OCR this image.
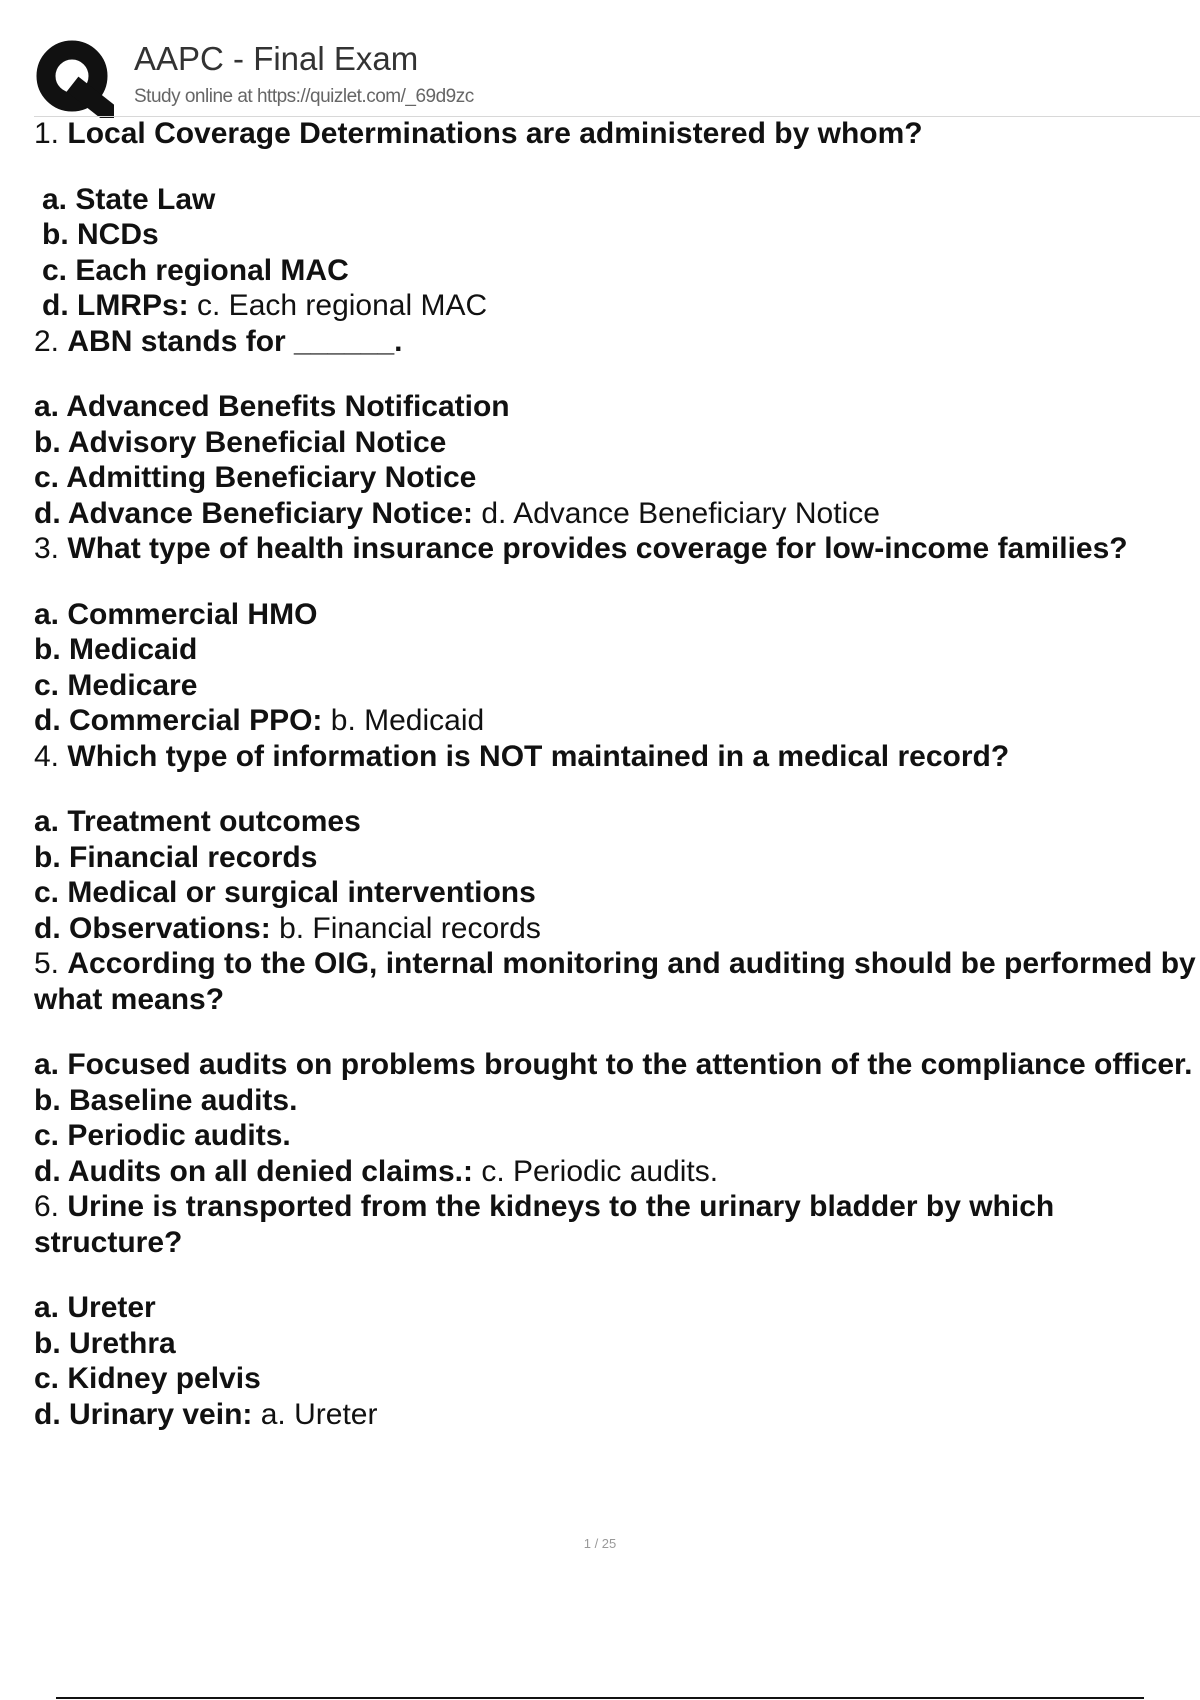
AAPC - Final Exam
Study online at https://quizlet.com/_69d9zc

1. Local Coverage Determinations are administered by whom?

a. State Law
b. NCDs
c. Each regional MAC
d. LMRPs: c. Each regional MAC

2. ABN stands for ______.

a. Advanced Benefits Notification
b. Advisory Beneficial Notice
c. Admitting Beneficiary Notice
d. Advance Beneficiary Notice: d. Advance Beneficiary Notice

3. What type of health insurance provides coverage for low-income families?

a. Commercial HMO
b. Medicaid
c. Medicare
d. Commercial PPO: b. Medicaid

4. Which type of information is NOT maintained in a medical record?

a. Treatment outcomes
b. Financial records
c. Medical or surgical interventions
d. Observations: b. Financial records

5. According to the OIG, internal monitoring and auditing should be performed by what means?

a. Focused audits on problems brought to the attention of the compliance officer.
b. Baseline audits.
c. Periodic audits.
d. Audits on all denied claims.: c. Periodic audits.

6. Urine is transported from the kidneys to the urinary bladder by which structure?

a. Ureter
b. Urethra
c. Kidney pelvis
d. Urinary vein: a. Ureter
1 / 25
